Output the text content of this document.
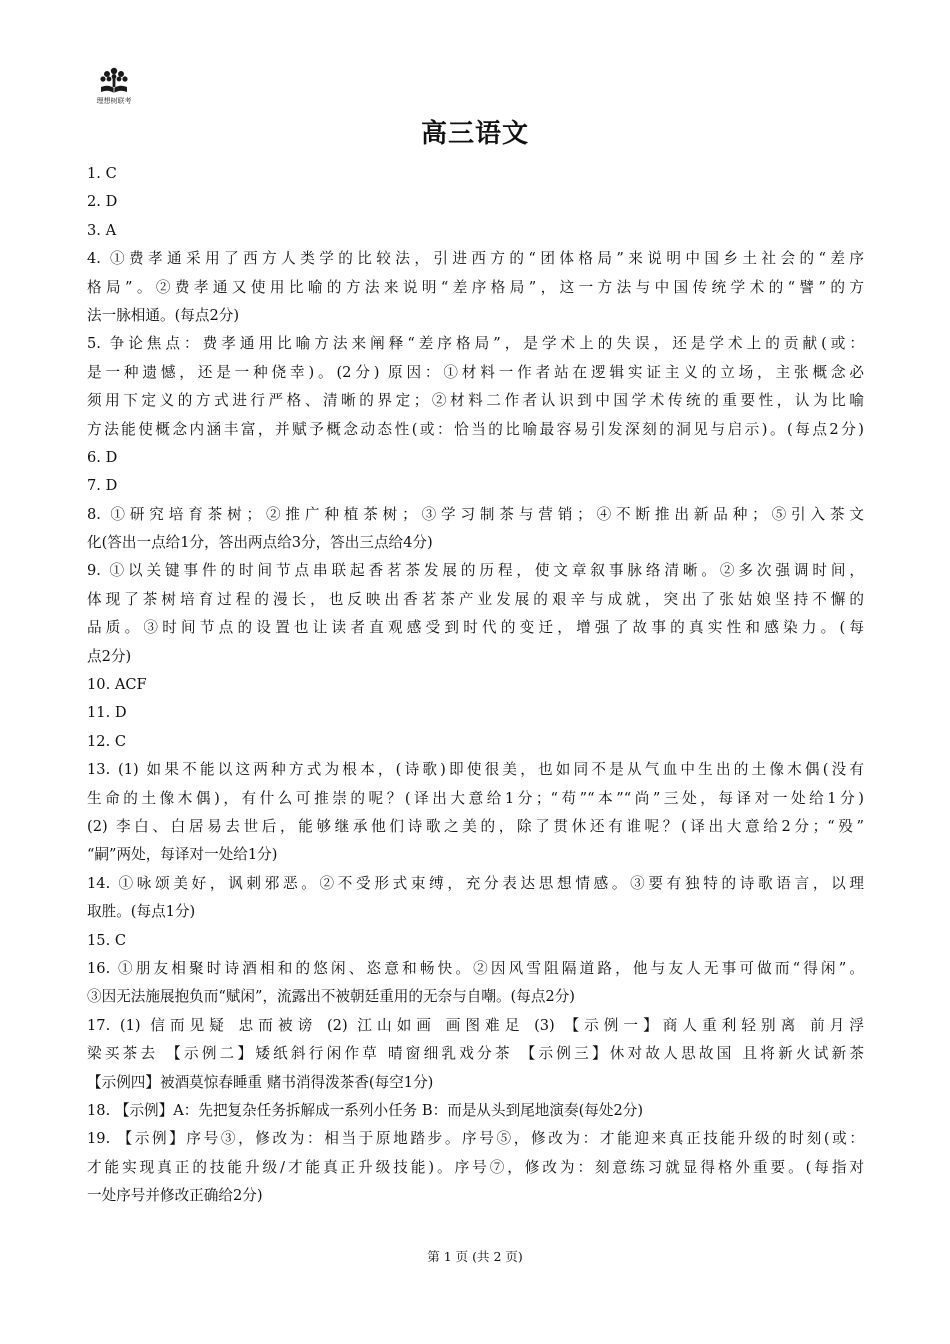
理想树联考
高三语文
1. C
2. D
3. A
4. ①费孝通采用了西方人类学的比较法，引进西方的“团体格局”来说明中国乡土社会的“差序
格局”。②费孝通又使用比喻的方法来说明“差序格局”，这一方法与中国传统学术的“譬”的方
法一脉相通。(每点2分)
5. 争论焦点：费孝通用比喻方法来阐释“差序格局”，是学术上的失误，还是学术上的贡献(或：
是一种遗憾，还是一种侥幸)。(2分) 原因：①材料一作者站在逻辑实证主义的立场，主张概念必
须用下定义的方式进行严格、清晰的界定；②材料二作者认识到中国学术传统的重要性，认为比喻
方法能使概念内涵丰富，并赋予概念动态性(或：恰当的比喻最容易引发深刻的洞见与启示)。(每点2分)
6. D
7. D
8. ①研究培育茶树；②推广种植茶树；③学习制茶与营销；④不断推出新品种；⑤引入茶文
化(答出一点给1分，答出两点给3分，答出三点给4分)
9. ①以关键事件的时间节点串联起香茗茶发展的历程，使文章叙事脉络清晰。②多次强调时间，
体现了茶树培育过程的漫长，也反映出香茗茶产业发展的艰辛与成就，突出了张姑娘坚持不懈的
品质。③时间节点的设置也让读者直观感受到时代的变迁，增强了故事的真实性和感染力。(每
点2分)
10. ACF
11. D
12. C
13. (1) 如果不能以这两种方式为根本，(诗歌)即使很美，也如同不是从气血中生出的土像木偶(没有
生命的土像木偶)，有什么可推崇的呢？(译出大意给1分；“苟”“本”“尚”三处，每译对一处给1分)
(2) 李白、白居易去世后，能够继承他们诗歌之美的，除了贯休还有谁呢？(译出大意给2分；“殁”
“嗣”两处，每译对一处给1分)
14. ①咏颂美好，讽刺邪恶。②不受形式束缚，充分表达思想情感。③要有独特的诗歌语言，以理
取胜。(每点1分)
15. C
16. ①朋友相聚时诗酒相和的悠闲、恣意和畅快。②因风雪阻隔道路，他与友人无事可做而“得闲”。
③因无法施展抱负而“赋闲”，流露出不被朝廷重用的无奈与自嘲。(每点2分)
17. (1) 信而见疑 忠而被谤 (2) 江山如画 画图难足 (3) 【示例一】商人重利轻别离 前月浮
梁买茶去 【示例二】矮纸斜行闲作草 晴窗细乳戏分茶 【示例三】休对故人思故国 且将新火试新茶
【示例四】被酒莫惊春睡重 赌书消得泼茶香(每空1分)
18. 【示例】A：先把复杂任务拆解成一系列小任务 B：而是从头到尾地演奏(每处2分)
19. 【示例】序号③，修改为：相当于原地踏步。序号⑤，修改为：才能迎来真正技能升级的时刻(或：
才能实现真正的技能升级/才能真正升级技能)。序号⑦，修改为：刻意练习就显得格外重要。(每指对
一处序号并修改正确给2分)
第 1 页 (共 2 页)
